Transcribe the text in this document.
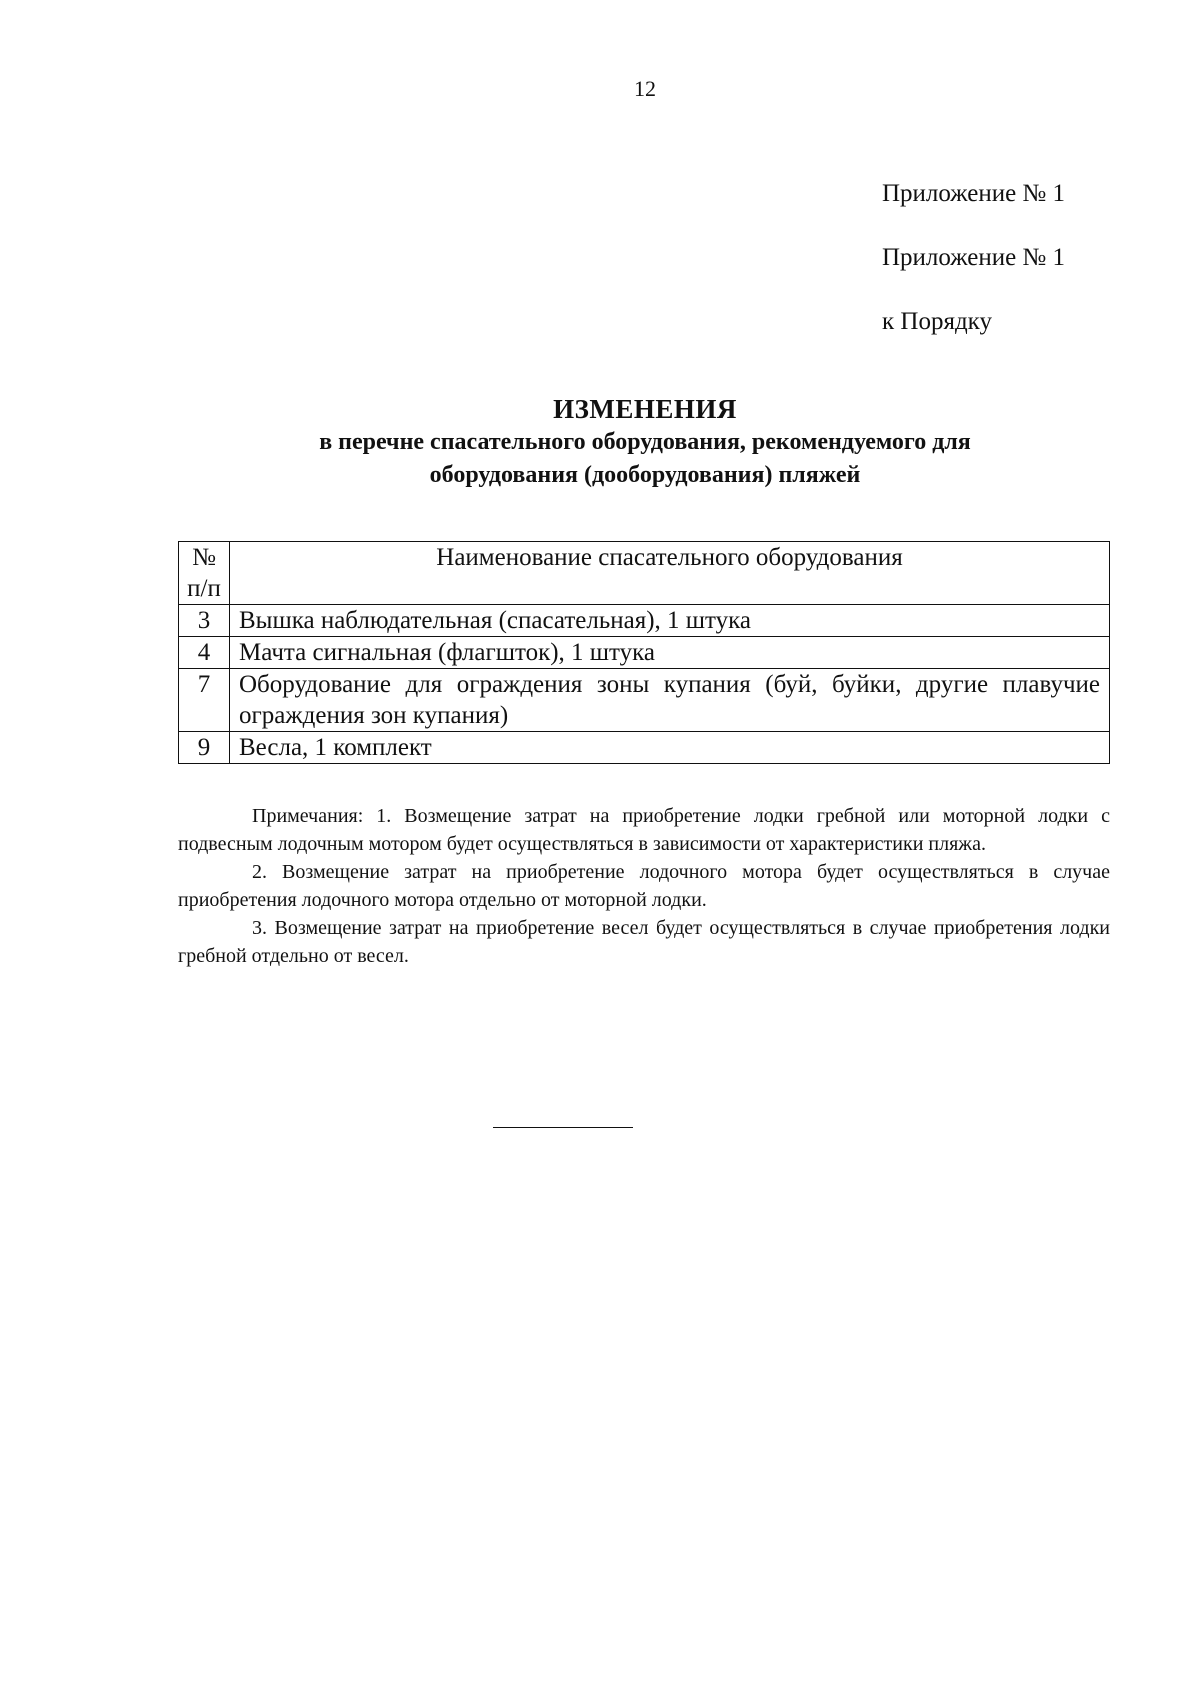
12
Приложение № 1
Приложение № 1
к Порядку
ИЗМЕНЕНИЯ
в перечне спасательного оборудования, рекомендуемого для
оборудования (дооборудования) пляжей
№ п/п	Наименование спасательного оборудования
3	Вышка наблюдательная (спасательная), 1 штука
4	Мачта сигнальная (флагшток), 1 штука
7	Оборудование для ограждения зоны купания (буй, буйки, другие плавучие ограждения зон купания)
9	Весла, 1 комплект

Примечания: 1. Возмещение затрат на приобретение лодки гребной или моторной лодки с подвесным лодочным мотором будет осуществляться в зависимости от характеристики пляжа.

2. Возмещение затрат на приобретение лодочного мотора будет осуществляться в случае приобретения лодочного мотора отдельно от моторной лодки.

3. Возмещение затрат на приобретение весел будет осуществляться в случае приобретения лодки гребной отдельно от весел.
